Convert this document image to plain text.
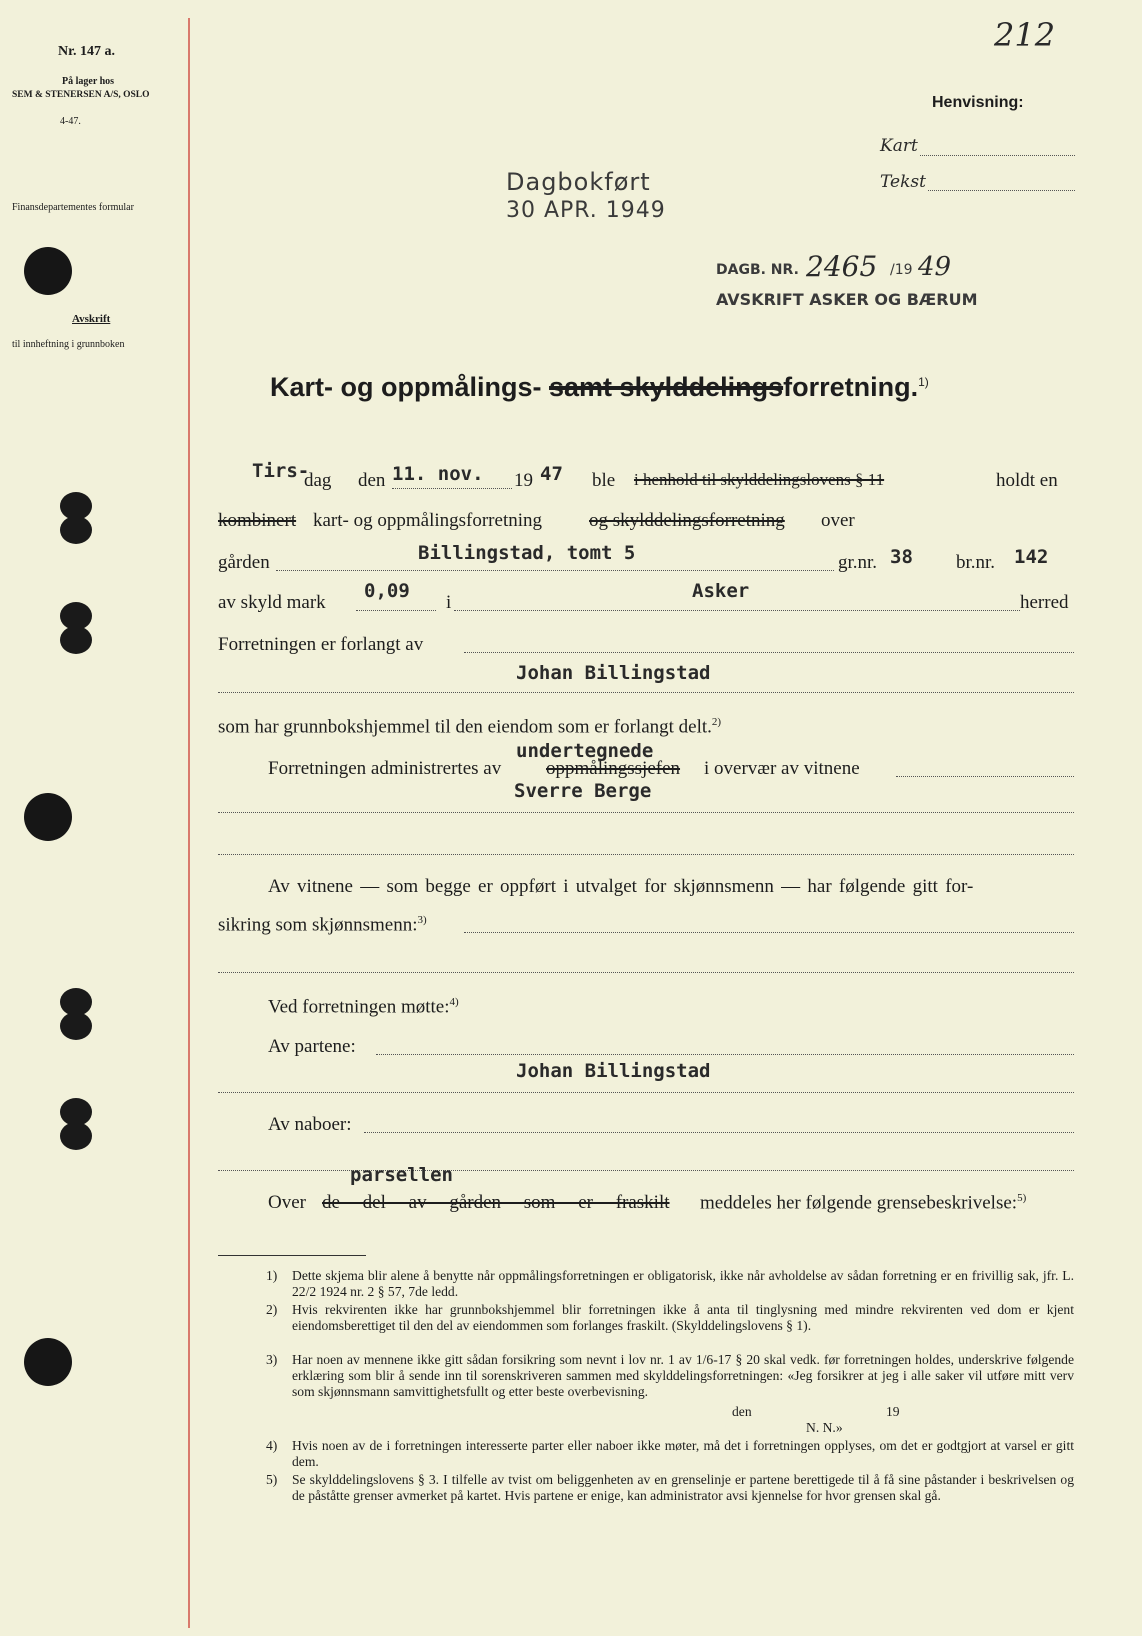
Nr. 147 a.
På lager hos
SEM & STENERSEN A/S, OSLO
4-47.
Finansdepartementes formular
Avskrift
til innheftning i grunnboken
212
Henvisning:
Kart
Tekst
Dagbokført
30 APR. 1949
DAGB. NR. 2465 /19 49
AVSKRIFT ASKER OG BÆRUM
Kart- og oppmålings- samt skylddelingsforretning.$^{1)}$
Tirs-
dag den 11. nov. 19 47 ble i henhold til skylddelingslovens § 11	holdt en
kombinert kart- og oppmålingsforretning og skylddelingsforretning over
gården	Billingstad, tomt 5	gr.nr. 38 br.nr. 142
av skyld mark
0,09
i
Asker
herred
Forretningen er forlangt av
Johan Billingstad
som har grunnbokshjemmel til den eiendom som er forlangt delt.$^{2)}$
undertegnede
Forretningen administrertes av oppmålingssjefen i overvær av vitnene
Sverre Berge
Av vitnene — som begge er oppført i utvalget for skjønnsmenn — har følgende gitt for-
sikring som skjønnsmenn:$^{3)}$
Ved forretningen møtte:$^{4)}$
Av partene:
Johan Billingstad
Av naboer:
parsellen
Over de del av gården som er fraskilt meddeles her følgende grensebeskrivelse:$^{5)}$
1) Dette skjema blir alene å benytte når oppmålingsforretningen er obligatorisk, ikke når avholdelse av sådan forretning er en frivillig sak, jfr. L. 22/2 1924 nr. 2 § 57, 7de ledd.
2) Hvis rekvirenten ikke har grunnbokshjemmel blir forretningen ikke å anta til tinglysning med mindre rekvirenten ved dom er kjent eiendomsberettiget til den del av eiendommen som forlanges fraskilt. (Skylddelingslovens § 1).
3) Har noen av mennene ikke gitt sådan forsikring som nevnt i lov nr. 1 av 1/6-17 § 20 skal vedk. før forretningen holdes, underskrive følgende erklæring som blir å sende inn til sorenskriveren sammen med skylddelingsforretningen: «Jeg forsikrer at jeg i alle saker vil utføre mitt verv som skjønnsmann samvittighetsfullt og etter beste overbevisning.
den	19
N. N.»
4) Hvis noen av de i forretningen interesserte parter eller naboer ikke møter, må det i forretningen opplyses, om det er godtgjort at varsel er gitt dem.
5) Se skylddelingslovens § 3. I tilfelle av tvist om beliggenheten av en grenselinje er partene berettigede til å få sine påstander i beskrivelsen og de påståtte grenser avmerket på kartet. Hvis partene er enige, kan administrator avsi kjennelse for hvor grensen skal gå.
